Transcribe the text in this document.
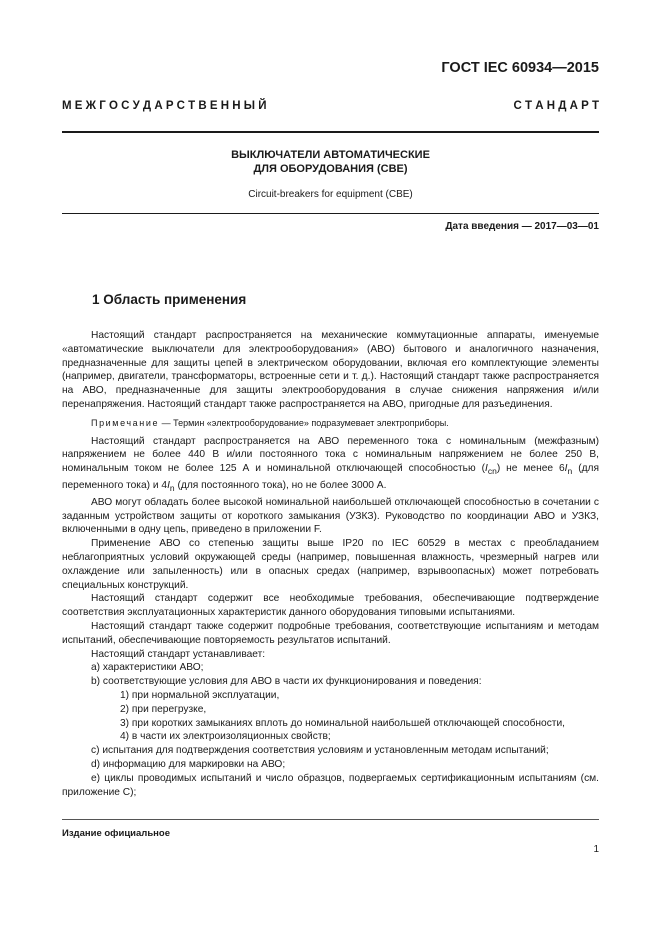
ГОСТ IEC 60934—2015
М Е Ж Г О С У Д А Р С Т В Е Н Н Ы Й	С Т А Н Д А Р Т
ВЫКЛЮЧАТЕЛИ АВТОМАТИЧЕСКИЕ
ДЛЯ ОБОРУДОВАНИЯ (СВЕ)
Circuit-breakers for equipment (CBE)
Дата введения — 2017—03—01
1 Область применения

Настоящий стандарт распространяется на механические коммутационные аппараты, именуемые «автоматические выключатели для электрооборудования» (АВО) бытового и аналогичного назначения, предназначенные для защиты цепей в электрическом оборудовании, включая его комплектующие элементы (например, двигатели, трансформаторы, встроенные сети и т. д.). Настоящий стандарт также распространяется на АВО, предназначенные для защиты электрооборудования в случае снижения напряжения и/или перенапряжения. Настоящий стандарт также распространяется на АВО, пригодные для разъединения.

Примечание — Термин «электрооборудование» подразумевает электроприборы.

Настоящий стандарт распространяется на АВО переменного тока с номинальным (межфазным) напряжением не более 440 В и/или постоянного тока с номинальным напряжением не более 250 В, номинальным током не более 125 А и номинальной отключающей способностью $(I_{cn})$ не менее $6I_n$ (для переменного тока) и $4I_n$ (для постоянного тока), но не более 3000 А.

АВО могут обладать более высокой номинальной наибольшей отключающей способностью в сочетании с заданным устройством защиты от короткого замыкания (УЗКЗ). Руководство по координации АВО и УЗКЗ, включенными в одну цепь, приведено в приложении F.

Применение АВО со степенью защиты выше IP20 по IEC 60529 в местах с преобладанием неблагоприятных условий окружающей среды (например, повышенная влажность, чрезмерный нагрев или охлаждение или запыленность) или в опасных средах (например, взрывоопасных) может потребовать специальных конструкций.

Настоящий стандарт содержит все необходимые требования, обеспечивающие подтверждение соответствия эксплуатационных характеристик данного оборудования типовыми испытаниями.

Настоящий стандарт также содержит подробные требования, соответствующие испытаниям и методам испытаний, обеспечивающие повторяемость результатов испытаний.

Настоящий стандарт устанавливает:

а) характеристики АВО;

b) соответствующие условия для АВО в части их функционирования и поведения:

1) при нормальной эксплуатации,

2) при перегрузке,

3) при коротких замыканиях вплоть до номинальной наибольшей отключающей способности,

4) в части их электроизоляционных свойств;

c) испытания для подтверждения соответствия условиям и установленным методам испытаний;

d) информацию для маркировки на АВО;

е) циклы проводимых испытаний и число образцов, подвергаемых сертификационным испытаниям (см. приложение С);

Издание официальное
1
